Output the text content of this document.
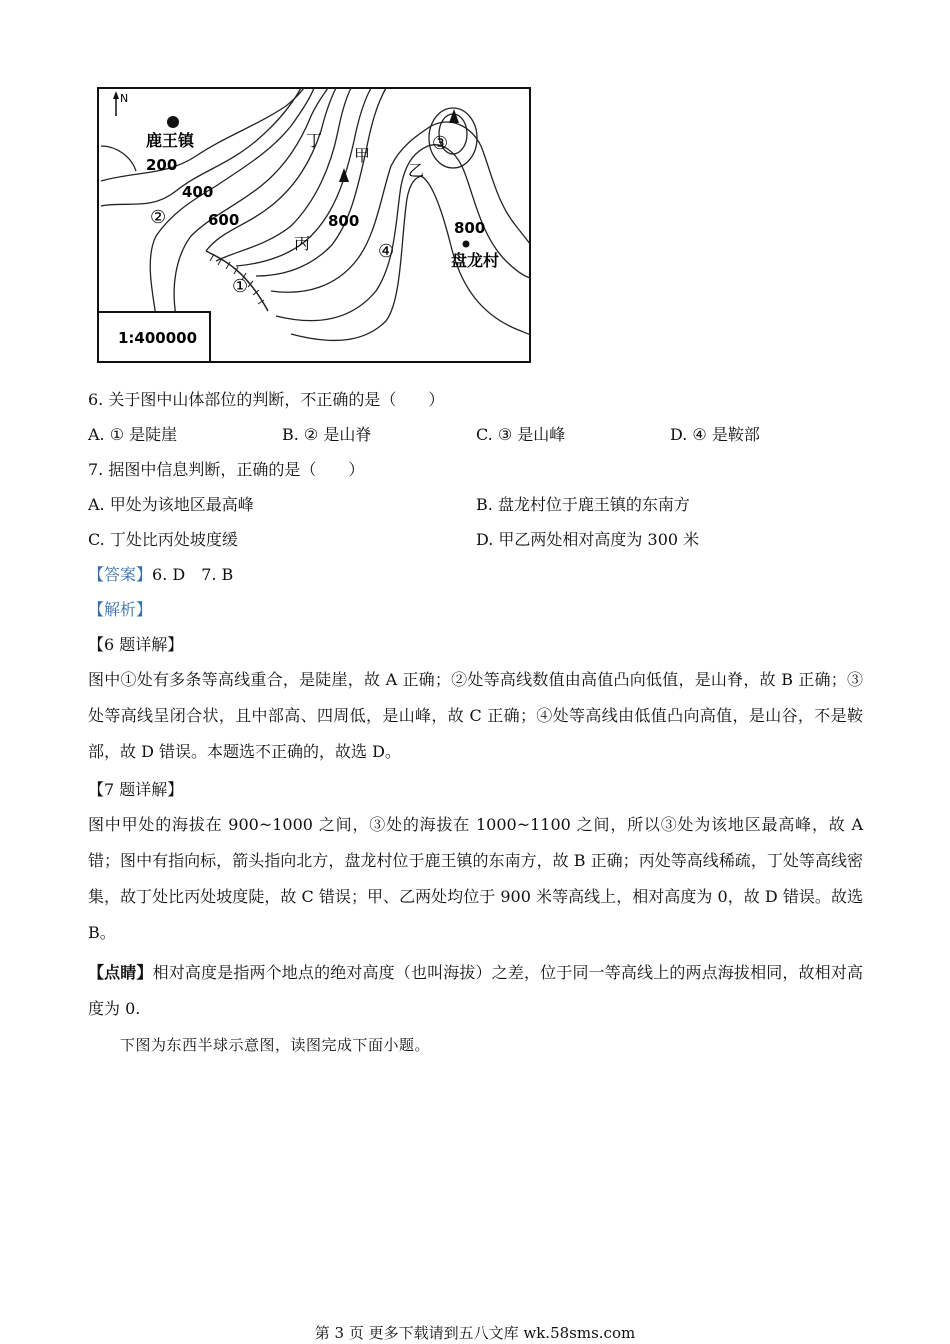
N
鹿王镇
200
400
600	800	800
盘龙村
甲
乙
丙
丁
①
②
③
④
1:400000
6. 关于图中山体部位的判断，不正确的是（　　）
A. ① 是陡崖	B. ② 是山脊	C. ③ 是山峰	D. ④ 是鞍部
7. 据图中信息判断，正确的是（　　）
A. 甲处为该地区最高峰	B. 盘龙村位于鹿王镇的东南方
C. 丁处比丙处坡度缓	D. 甲乙两处相对高度为 300 米
【答案】6. D　7. B
【解析】
【6 题详解】

图中①处有多条等高线重合，是陡崖，故 A 正确；②处等高线数值由高值凸向低值，是山脊，故 B 正确；③处等高线呈闭合状，且中部高、四周低，是山峰，故 C 正确；④处等高线由低值凸向高值，是山谷，不是鞍部，故 D 错误。本题选不正确的，故选 D。

【7 题详解】

图中甲处的海拔在 900~1000 之间，③处的海拔在 1000~1100 之间，所以③处为该地区最高峰，故 A 错；图中有指向标，箭头指向北方，盘龙村位于鹿王镇的东南方，故 B 正确；丙处等高线稀疏，丁处等高线密集，故丁处比丙处坡度陡，故 C 错误；甲、乙两处均位于 900 米等高线上，相对高度为 0，故 D 错误。故选 B。

【点睛】相对高度是指两个地点的绝对高度（也叫海拔）之差，位于同一等高线上的两点海拔相同，故相对高度为 0.

下图为东西半球示意图，读图完成下面小题。
第 3 页 更多下载请到五八文库 wk.58sms.com
